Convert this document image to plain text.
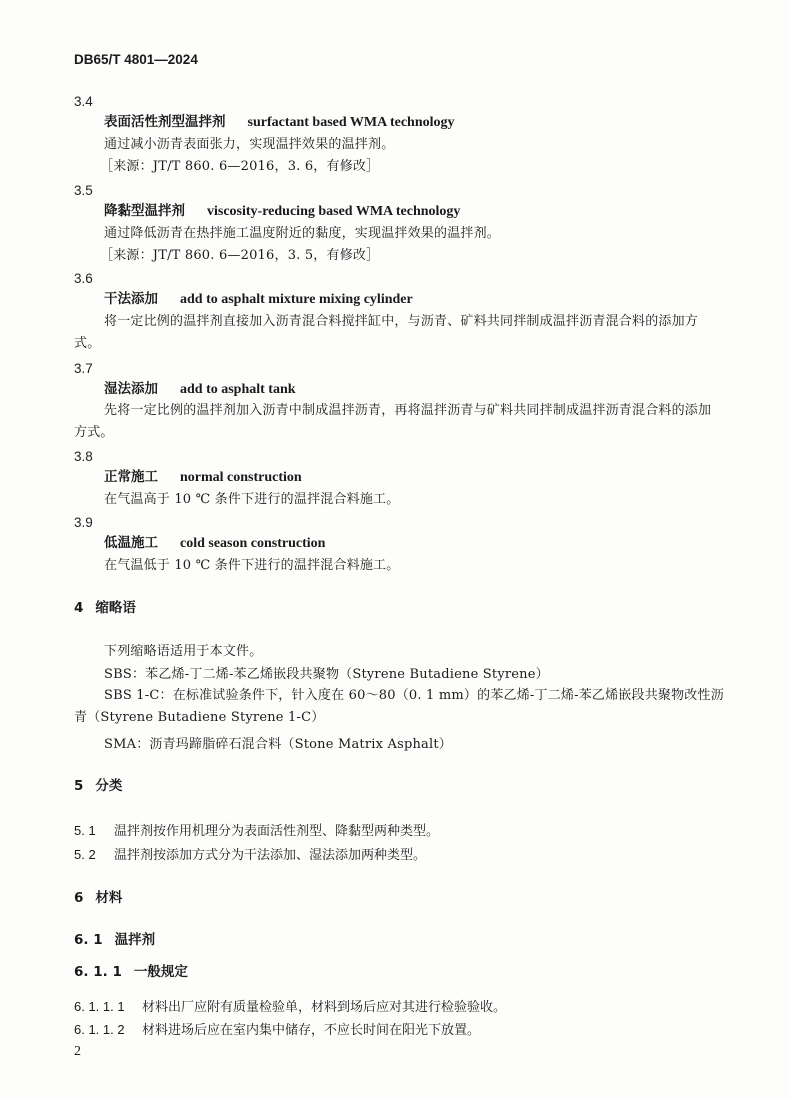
DB65/T 4801—2024
3.4
表面活性剂型温拌剂 surfactant based WMA technology
通过减小沥青表面张力，实现温拌效果的温拌剂。
［来源：JT/T 860. 6—2016，3. 6，有修改］
3.5
降黏型温拌剂 viscosity-reducing based WMA technology
通过降低沥青在热拌施工温度附近的黏度，实现温拌效果的温拌剂。
［来源：JT/T 860. 6—2016，3. 5，有修改］
3.6
干法添加 add to asphalt mixture mixing cylinder
将一定比例的温拌剂直接加入沥青混合料搅拌缸中，与沥青、矿料共同拌制成温拌沥青混合料的添加方式。
3.7
湿法添加 add to asphalt tank
先将一定比例的温拌剂加入沥青中制成温拌沥青，再将温拌沥青与矿料共同拌制成温拌沥青混合料的添加方式。
3.8
正常施工 normal construction
在气温高于 10 ℃ 条件下进行的温拌混合料施工。
3.9
低温施工 cold season construction
在气温低于 10 ℃ 条件下进行的温拌混合料施工。
4 缩略语
下列缩略语适用于本文件。
SBS：苯乙烯-丁二烯-苯乙烯嵌段共聚物（Styrene Butadiene Styrene）
SBS 1-C：在标准试验条件下，针入度在 60～80（0. 1 mm）的苯乙烯-丁二烯-苯乙烯嵌段共聚物改性沥青（Styrene Butadiene Styrene 1-C）
SMA：沥青玛蹄脂碎石混合料（Stone Matrix Asphalt）
5 分类
5. 1 温拌剂按作用机理分为表面活性剂型、降黏型两种类型。
5. 2 温拌剂按添加方式分为干法添加、湿法添加两种类型。
6 材料
6. 1 温拌剂
6. 1. 1 一般规定
6. 1. 1. 1 材料出厂应附有质量检验单，材料到场后应对其进行检验验收。
6. 1. 1. 2 材料进场后应在室内集中储存，不应长时间在阳光下放置。
2
